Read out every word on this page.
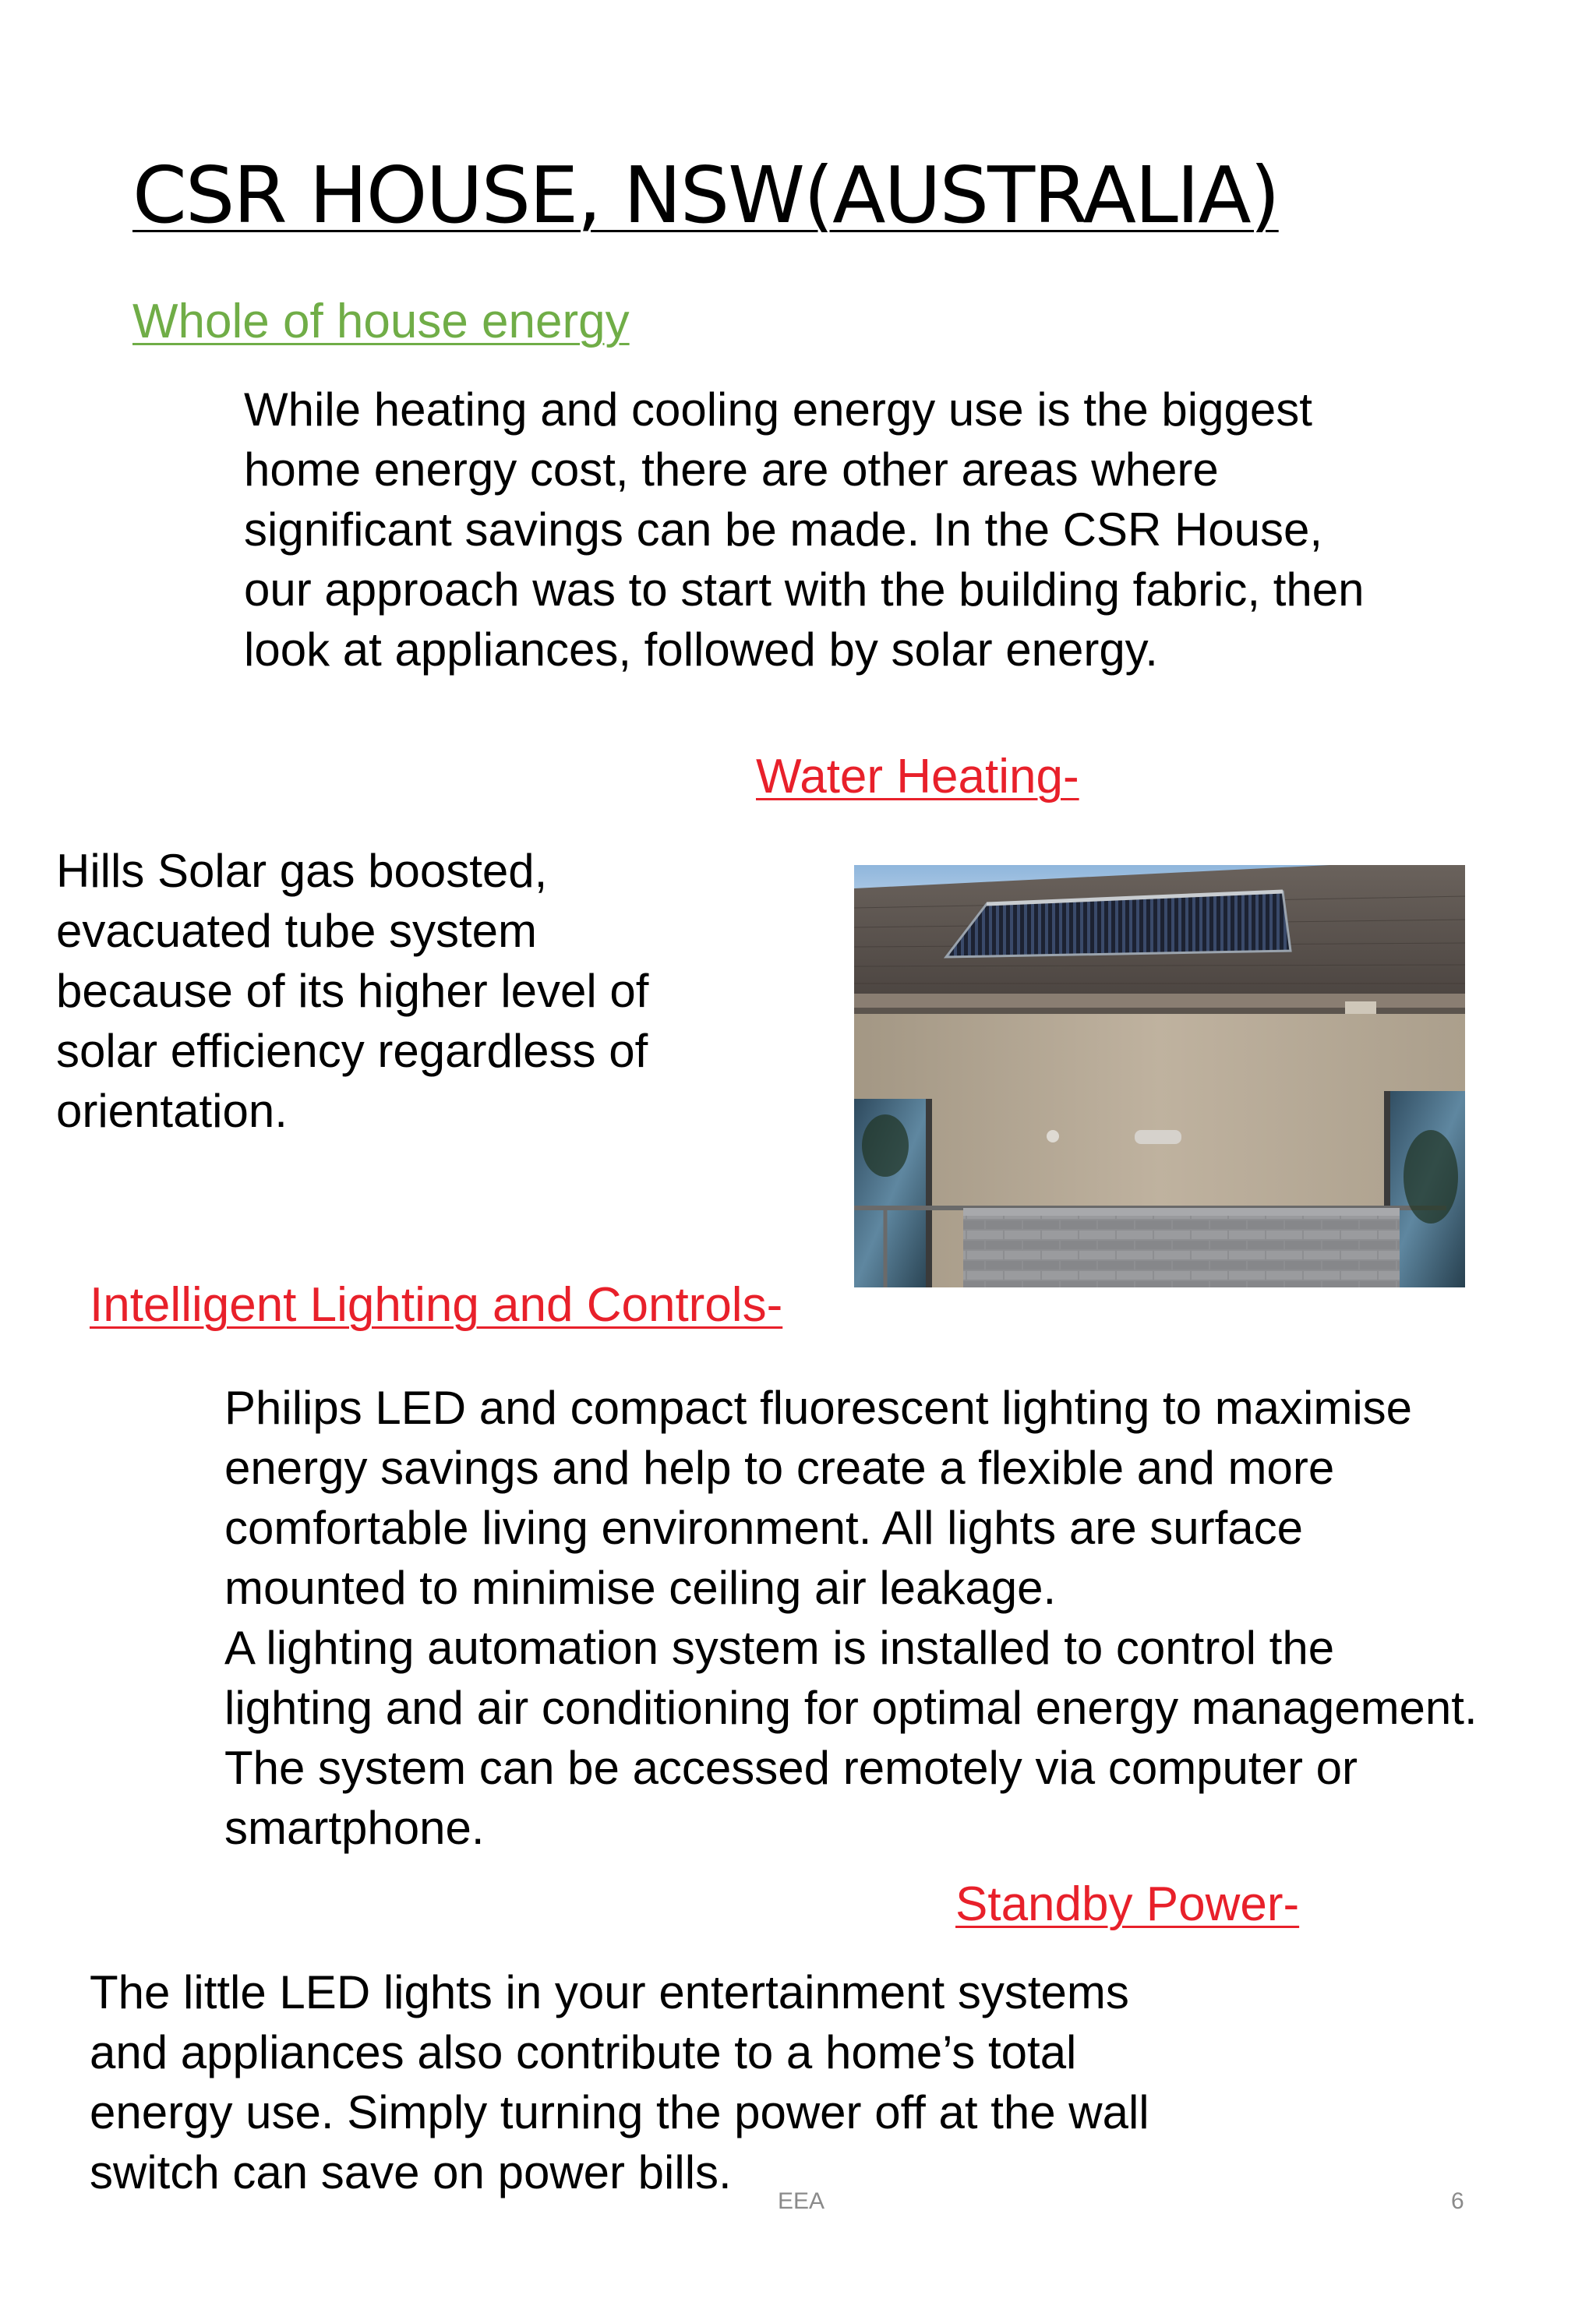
CSR HOUSE, NSW(AUSTRALIA)
Whole of house energy

While heating and cooling energy use is the biggest
home energy cost, there are other areas where
significant savings can be made. In the CSR House,
our approach was to start with the building fabric, then
look at appliances, followed by solar energy.

Water Heating-

Hills Solar gas boosted,
evacuated tube system
because of its higher level of
solar efficiency regardless of
orientation.

Intelligent Lighting and Controls-

Philips LED and compact fluorescent lighting to maximise
energy savings and help to create a flexible and more
comfortable living environment. All lights are surface
mounted to minimise ceiling air leakage.
A lighting automation system is installed to control the
lighting and air conditioning for optimal energy management.
The system can be accessed remotely via computer or
smartphone.

Standby Power-

The little LED lights in your entertainment systems
and appliances also contribute to a home’s total
energy use. Simply turning the power off at the wall
switch can save on power bills.

EEA	6
